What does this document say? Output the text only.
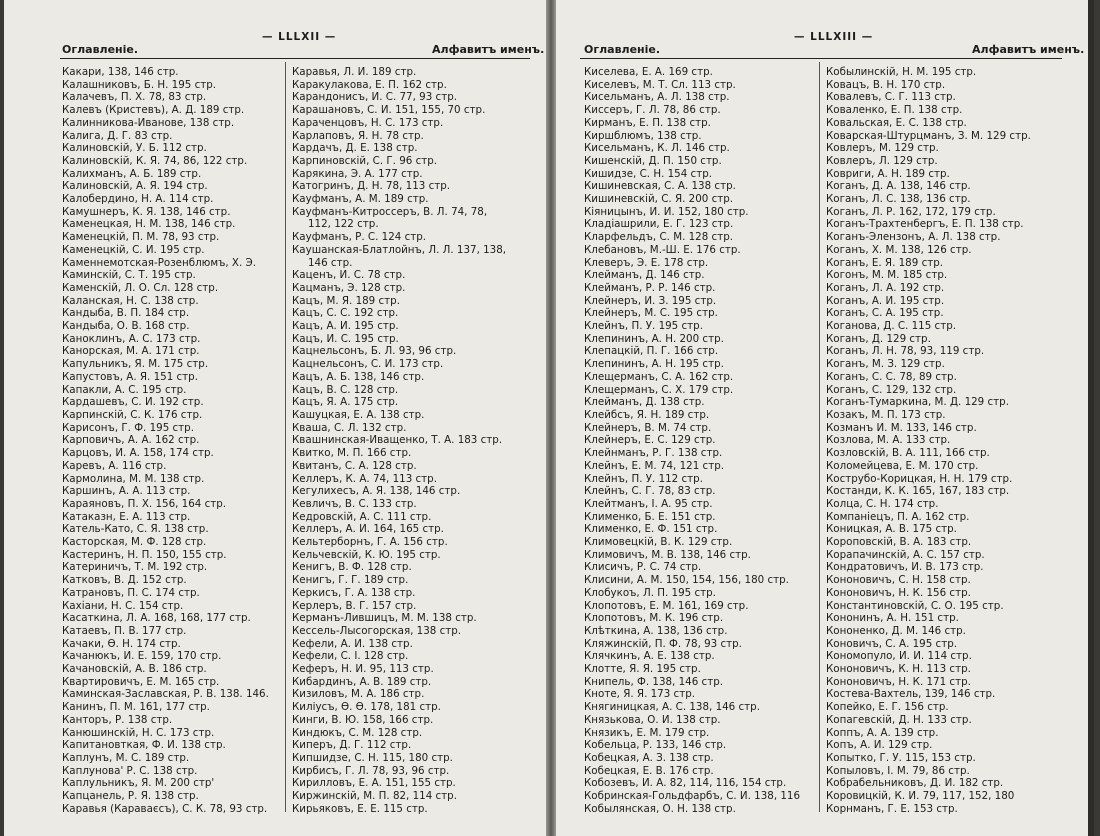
— LLLXII —
Оглавленіе.	Алфавитъ именъ.
Какари, 138, 146 стр.
Калашниковъ, Б. Н. 195 стр.
Калачевъ, П. Х. 78, 83 стр.
Калевъ (Кристевъ), А. Д. 189 стр.
Калинникова-Иванове, 138 стр.
Калига, Д. Г. 83 стр.
Калиновскій, У. Б. 112 стр.
Калиновскій, К. Я. 74, 86, 122 стр.
Калихманъ, А. Б. 189 стр.
Калиновскій, А. Я. 194 стр.
Калобердино, Н. А. 114 стр.
Камушнеръ, К. Я. 138, 146 стр.
Каменецкая, Н. М. 138, 146 стр.
Каменецкій, П. М. 78, 93 стр.
Каменецкій, С. И. 195 стр.
Каменнемотская-Розенблюмъ, Х. Э.
Каминскій, С. Т. 195 стр.
Каменскій, Л. О. Сл. 128 стр.
Каланская, Н. С. 138 стр.
Кандыба, В. П. 184 стр.
Кандыба, О. В. 168 стр.
Каноклинъ, А. С. 173 стр.
Канорская, М. А. 171 стр.
Капульникъ, Я. М. 175 стр.
Капустовъ, А. Я. 151 стр.
Капакли, А. С. 195 стр.
Кардашевъ, С. И. 192 стр.
Карпинскій, С. К. 176 стр.
Карисонъ, Г. Ф. 195 стр.
Карповичъ, А. А. 162 стр.
Карцовъ, И. А. 158, 174 стр.
Каревъ, А. 116 стр.
Кармолина, М. М. 138 стр.
Каршинъ, А. А. 113 стр.
Караяновъ, П. Х. 156, 164 стр.
Катаказн, Е. А. 113 стр.
Катель-Като, С. Я. 138 стр.
Касторская, М. Ф. 128 стр.
Кастеринъ, Н. П. 150, 155 стр.
Катериничъ, Т. М. 192 стр.
Катковъ, В. Д. 152 стр.
Катрановъ, П. С. 174 стр.
Кахіани, Н. С. 154 стр.
Касаткина, Л. А. 168, 168, 177 стр.
Катаевъ, П. В. 177 стр.
Качаки, Ѳ. Н. 174 стр.
Качанюкъ, И. Е. 159, 170 стр.
Качановскій, А. В. 186 стр.
Квартировичъ, Е. М. 165 стр.
Каминская-Заславская, Р. В. 138. 146.
Канинъ, П. М. 161, 177 стр.
Канторъ, Р. 138 стр.
Канюшинскій, Н. С. 173 стр.
Капитановткая, Ф. И. 138 стр.
Каплунъ, М. С. 189 стр.
Каплунова' Р. С. 138 стр.
Каплульникъ, Я. М. 200 стр'
Капцанель, Р. Я. 138 стр.
Каравья (Караваєсъ), С. К. 78, 93 стр.
Каравья, Л. И. 189 стр.
Каракулакова, Е. П. 162 стр.
Карандонисъ, И. С. 77, 93 стр.
Карашановъ, С. И. 151, 155, 70 стр.
Караченцовъ, Н. С. 173 стр.
Карлаповъ, Я. Н. 78 стр.
Кардачъ, Д. Е. 138 стр.
Карпиновскій, С. Г. 96 стр.
Карякина, Э. А. 177 стр.
Катогринъ, Д. Н. 78, 113 стр.
Кауфманъ, А. М. 189 стр.
Кауфманъ-Китроссеръ, В. Л. 74, 78,
112, 122 стр.
Кауфманъ, Р. С. 124 стр.
Каушанская-Блатлойнъ, Л. Л. 137, 138,
146 стр.
Каценъ, И. С. 78 стр.
Кацманъ, Э. 128 стр.
Кацъ, М. Я. 189 стр.
Кацъ, С. С. 192 стр.
Кацъ, А. И. 195 стр.
Кацъ, И. С. 195 стр.
Кацнельсонъ, Б. Л. 93, 96 стр.
Кацнельсонъ, С. И. 173 стр.
Кацъ, А. Б. 138, 146 стр.
Кацъ, В. С. 128 стр.
Кацъ, Я. А. 175 стр.
Кашуцкая, Е. А. 138 стр.
Кваша, С. Л. 132 стр.
Квашнинская-Иващенко, Т. А. 183 стр.
Квитко, М. П. 166 стр.
Квитанъ, С. А. 128 стр.
Келлеръ, К. А. 74, 113 стр.
Кегулихесъ, А. Я. 138, 146 стр.
Кевличъ, В. С. 133 стр.
Кедровскій, А. С. 111 стр.
Келлеръ, А. И. 164, 165 стр.
Кельтерборнъ, Г. А. 156 стр.
Кельчевскій, К. Ю. 195 стр.
Кенигъ, В. Ф. 128 стр.
Кенигъ, Г. Г. 189 стр.
Керкисъ, Г. А. 138 стр.
Керлеръ, В. Г. 157 стр.
Керманъ-Лившицъ, М. М. 138 стр.
Кессель-Лысогорская, 138 стр.
Кефели, А. И. 138 стр.
Кефели, С. І. 128 стр.
Кеферъ, Н. И. 95, 113 стр.
Кибардинъ, А. В. 189 стр.
Кизиловъ, М. А. 186 стр.
Килiусъ, Ѳ. Ѳ. 178, 181 стр.
Кинги, В. Ю. 158, 166 стр.
Киндюкъ, С. М. 128 стр.
Киперъ, Д. Г. 112 стр.
Кипшидзе, С. Н. 115, 180 стр.
Кирбисъ, Г. Л. 78, 93, 96 стр.
Кирилловъ, Е. А. 151, 155 стр.
Киржинскій, М. П. 82, 114 стр.
Кирьяковъ, Е. Е. 115 стр.
— LLLXIII —
Оглавленіе.	Алфавитъ именъ.
Киселева, Е. А. 169 стр.
Киселевъ, М. Т. Сл. 113 стр.
Кисельманъ, А. Л. 138 стр.
Киссеръ, Г. Л. 78, 86 стр.
Кирманъ, Е. П. 138 стр.
Киршблюмъ, 138 стр.
Кисельманъ, К. Л. 146 стр.
Кишенскій, Д. П. 150 стр.
Кишидзе, С. Н. 154 стр.
Кишиневская, С. А. 138 стр.
Кишиневскій, С. Я. 200 стр.
Кіяницынъ, И. И. 152, 180 стр.
Кладіашрили, Е. Г. 123 стр.
Кларфельдъ, С. М. 128 стр.
Клебановъ, М.-Ш. Е. 176 стр.
Клеверъ, Э. Е. 178 стр.
Клейманъ, Д. 146 стр.
Клейманъ, Р. Р. 146 стр.
Клейнеръ, И. З. 195 стр.
Клейнеръ, М. С. 195 стр.
Клейнъ, П. У. 195 стр.
Клепининъ, А. Н. 200 стр.
Клепацкій, П. Г. 166 стр.
Клепининъ, А. Н. 195 стр.
Клещерманъ, С. А. 162 стр.
Клещерманъ, С. Х. 179 стр.
Клейманъ, Д. 138 стр.
Клейбсъ, Я. Н. 189 стр.
Клейнеръ, В. М. 74 стр.
Клейнеръ, Е. С. 129 стр.
Клейнманъ, Р. Г. 138 стр.
Клейнъ, Е. М. 74, 121 стр.
Клейнъ, П. У. 112 стр.
Клейнъ, С. Г. 78, 83 стр.
Клейтманъ, І. А. 95 стр.
Клименко, Б. Е. 151 стр.
Клименко, Е. Ф. 151 стр.
Климовецкій, В. К. 129 стр.
Климовичъ, М. В. 138, 146 стр.
Клисичъ, Р. С. 74 стр.
Клисини, А. М. 150, 154, 156, 180 стр.
Клобукоъ, Л. П. 195 стр.
Клопотовъ, Е. М. 161, 169 стр.
Клопотовъ, М. К. 196 стр.
Клѣткина, А. 138, 136 стр.
Кляжинскій, П. Ф. 78, 93 стр.
Клячкинъ, А. Е. 138 стр.
Клотте, Я. Я. 195 стр.
Книпель, Ф. 138, 146 стр.
Кноте, Я. Я. 173 стр.
Княгиницкая, А. С. 138, 146 стр.
Князькова, О. И. 138 стр.
Князикъ, Е. М. 179 стр.
Кобельца, Р. 133, 146 стр.
Кобецкая, А. З. 138 стр.
Кобецкая, Е. В. 176 стр.
Кобозевъ, И. А. 82, 114, 116, 154 стр.
Кобринская-Гольдфарбъ, С. И. 138, 116
Кобылянская, О. Н. 138 стр.
Кобылинскій, Н. М. 195 стр.
Ковацъ, В. Н. 170 стр.
Ковалевъ, С. Г. 113 стр.
Коваленко, Е. П. 138 стр.
Ковальская, Е. С. 138 стр.
Коварская-Штурцманъ, З. М. 129 стр.
Ковлеръ, М. 129 стр.
Ковлеръ, Л. 129 стр.
Ковриги, А. Н. 189 стр.
Коганъ, Д. А. 138, 146 стр.
Коганъ, Л. С. 138, 136 стр.
Коганъ, Л. Р. 162, 172, 179 стр.
Коганъ-Трахтенбергъ, Е. П. 138 стр.
Коганъ-Элензонъ, А. Л. 138 стр.
Коганъ, Х. М. 138, 126 стр.
Коганъ, Е. Я. 189 стр.
Когонъ, М. М. 185 стр.
Коганъ, Л. А. 192 стр.
Коганъ, А. И. 195 стр.
Коганъ, С. А. 195 стр.
Коганова, Д. С. 115 стр.
Коганъ, Д. 129 стр.
Коганъ, Л. Н. 78, 93, 119 стр.
Коганъ, М. З. 129 стр.
Коганъ, С. С. 78, 89 стр.
Коганъ, С. 129, 132 стр.
Коганъ-Тумаркина, М. Д. 129 стр.
Козакъ, М. П. 173 стр.
Козманъ И. М. 133, 146 стр.
Козлова, М. А. 133 стр.
Козловскій, В. А. 111, 166 стр.
Коломейцева, Е. М. 170 стр.
Кострубо-Корицкая, Н. Н. 179 стр.
Костанди, К. К. 165, 167, 183 стр.
Колца, С. Н. 174 стр.
Компаніецъ, П. А. 162 стр.
Коницкая, А. В. 175 стр.
Короповскій, В. А. 183 стр.
Корапачинскій, А. С. 157 стр.
Кондратовичъ, И. В. 173 стр.
Кононовичъ, С. Н. 158 стр.
Кононовичъ, Н. К. 156 стр.
Константиновскій, С. О. 195 стр.
Кононинъ, А. Н. 151 стр.
Кононенко, Д. М. 146 стр.
Коновичъ, С. А. 195 стр.
Кономопуло, И. И. 114 стр.
Кононовичъ, К. Н. 113 стр.
Кононовичъ, Н. К. 171 стр.
Костева-Вахтель, 139, 146 стр.
Копейко, Е. Г. 156 стр.
Копагевскій, Д. Н. 133 стр.
Коппъ, А. А. 139 стр.
Копъ, А. И. 129 стр.
Копытко, Г. У. 115, 153 стр.
Копыловъ, І. М. 79, 86 стр.
Кобрабельниковъ, Д. И. 182 стр.
Коровицкій, К. И. 79, 117, 152, 180
Корнманъ, Г. Е. 153 стр.
